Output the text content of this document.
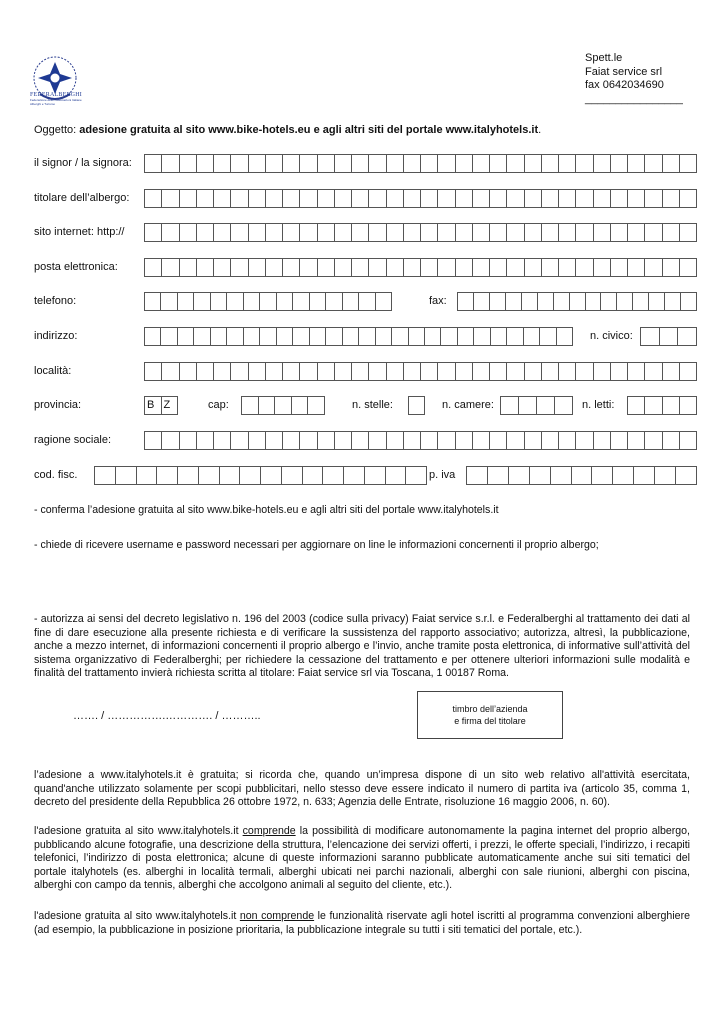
FEDERALBERGHI
Federazione delle Associazioni Italiane Alberghi e Turismo
Spett.le
Faiat service srl
fax 0642034690
________________
Oggetto: adesione gratuita al sito www.bike-hotels.eu e agli altri siti del portale www.italyhotels.it.
il signor / la signora:
titolare dell’albergo:
sito internet: http://
posta elettronica:
telefono:	fax:
indirizzo:	n. civico:
località:
provincia:	B Z	cap:	n. stelle:	n. camere:	n. letti:
ragione sociale:
cod. fisc.	p. iva
- conferma l’adesione gratuita al sito www.bike-hotels.eu e agli altri siti del portale www.italyhotels.it
- chiede di ricevere username e password necessari per aggiornare on line le informazioni concernenti il proprio albergo;
- autorizza ai sensi del decreto legislativo n. 196 del 2003 (codice sulla privacy) Faiat service s.r.l. e Federalberghi al trattamento dei dati al fine di dare esecuzione alla presente richiesta e di verificare la sussistenza del rapporto associativo; autorizza, altresì, la pubblicazione, anche a mezzo internet, di informazioni concernenti il proprio albergo e l’invio, anche tramite posta elettronica, di informative sull’attività del sistema organizzativo di Federalberghi; per richiedere la cessazione del trattamento e per ottenere ulteriori informazioni sulle modalità e finalità del trattamento invierà richiesta scritta al titolare: Faiat service srl via Toscana, 1 00187 Roma.
……. / …………….…………. / ………..
timbro dell’azienda
e firma del titolare
l’adesione a www.italyhotels.it è gratuita; si ricorda che, quando un’impresa dispone di un sito web relativo all'attività esercitata, quand'anche utilizzato solamente per scopi pubblicitari, nello stesso deve essere indicato il numero di partita iva (articolo 35, comma 1, decreto del presidente della Repubblica 26 ottobre 1972, n. 633; Agenzia delle Entrate, risoluzione 16 maggio 2006, n. 60).
l'adesione gratuita al sito www.italyhotels.it comprende la possibilità di modificare autonomamente la pagina internet del proprio albergo, pubblicando alcune fotografie, una descrizione della struttura, l’elencazione dei servizi offerti, i prezzi, le offerte speciali, l’indirizzo, i recapiti telefonici, l’indirizzo di posta elettronica; alcune di queste informazioni saranno pubblicate automaticamente anche sui siti tematici del portale italyhotels (es. alberghi in località termali, alberghi ubicati nei parchi nazionali, alberghi con sale riunioni, alberghi con piscina, alberghi con campo da tennis, alberghi che accolgono animali al seguito del cliente, etc.).
l'adesione gratuita al sito www.italyhotels.it non comprende le funzionalità riservate agli hotel iscritti al programma convenzioni alberghiere (ad esempio, la pubblicazione in posizione prioritaria, la pubblicazione integrale su tutti i siti tematici del portale, etc.).
